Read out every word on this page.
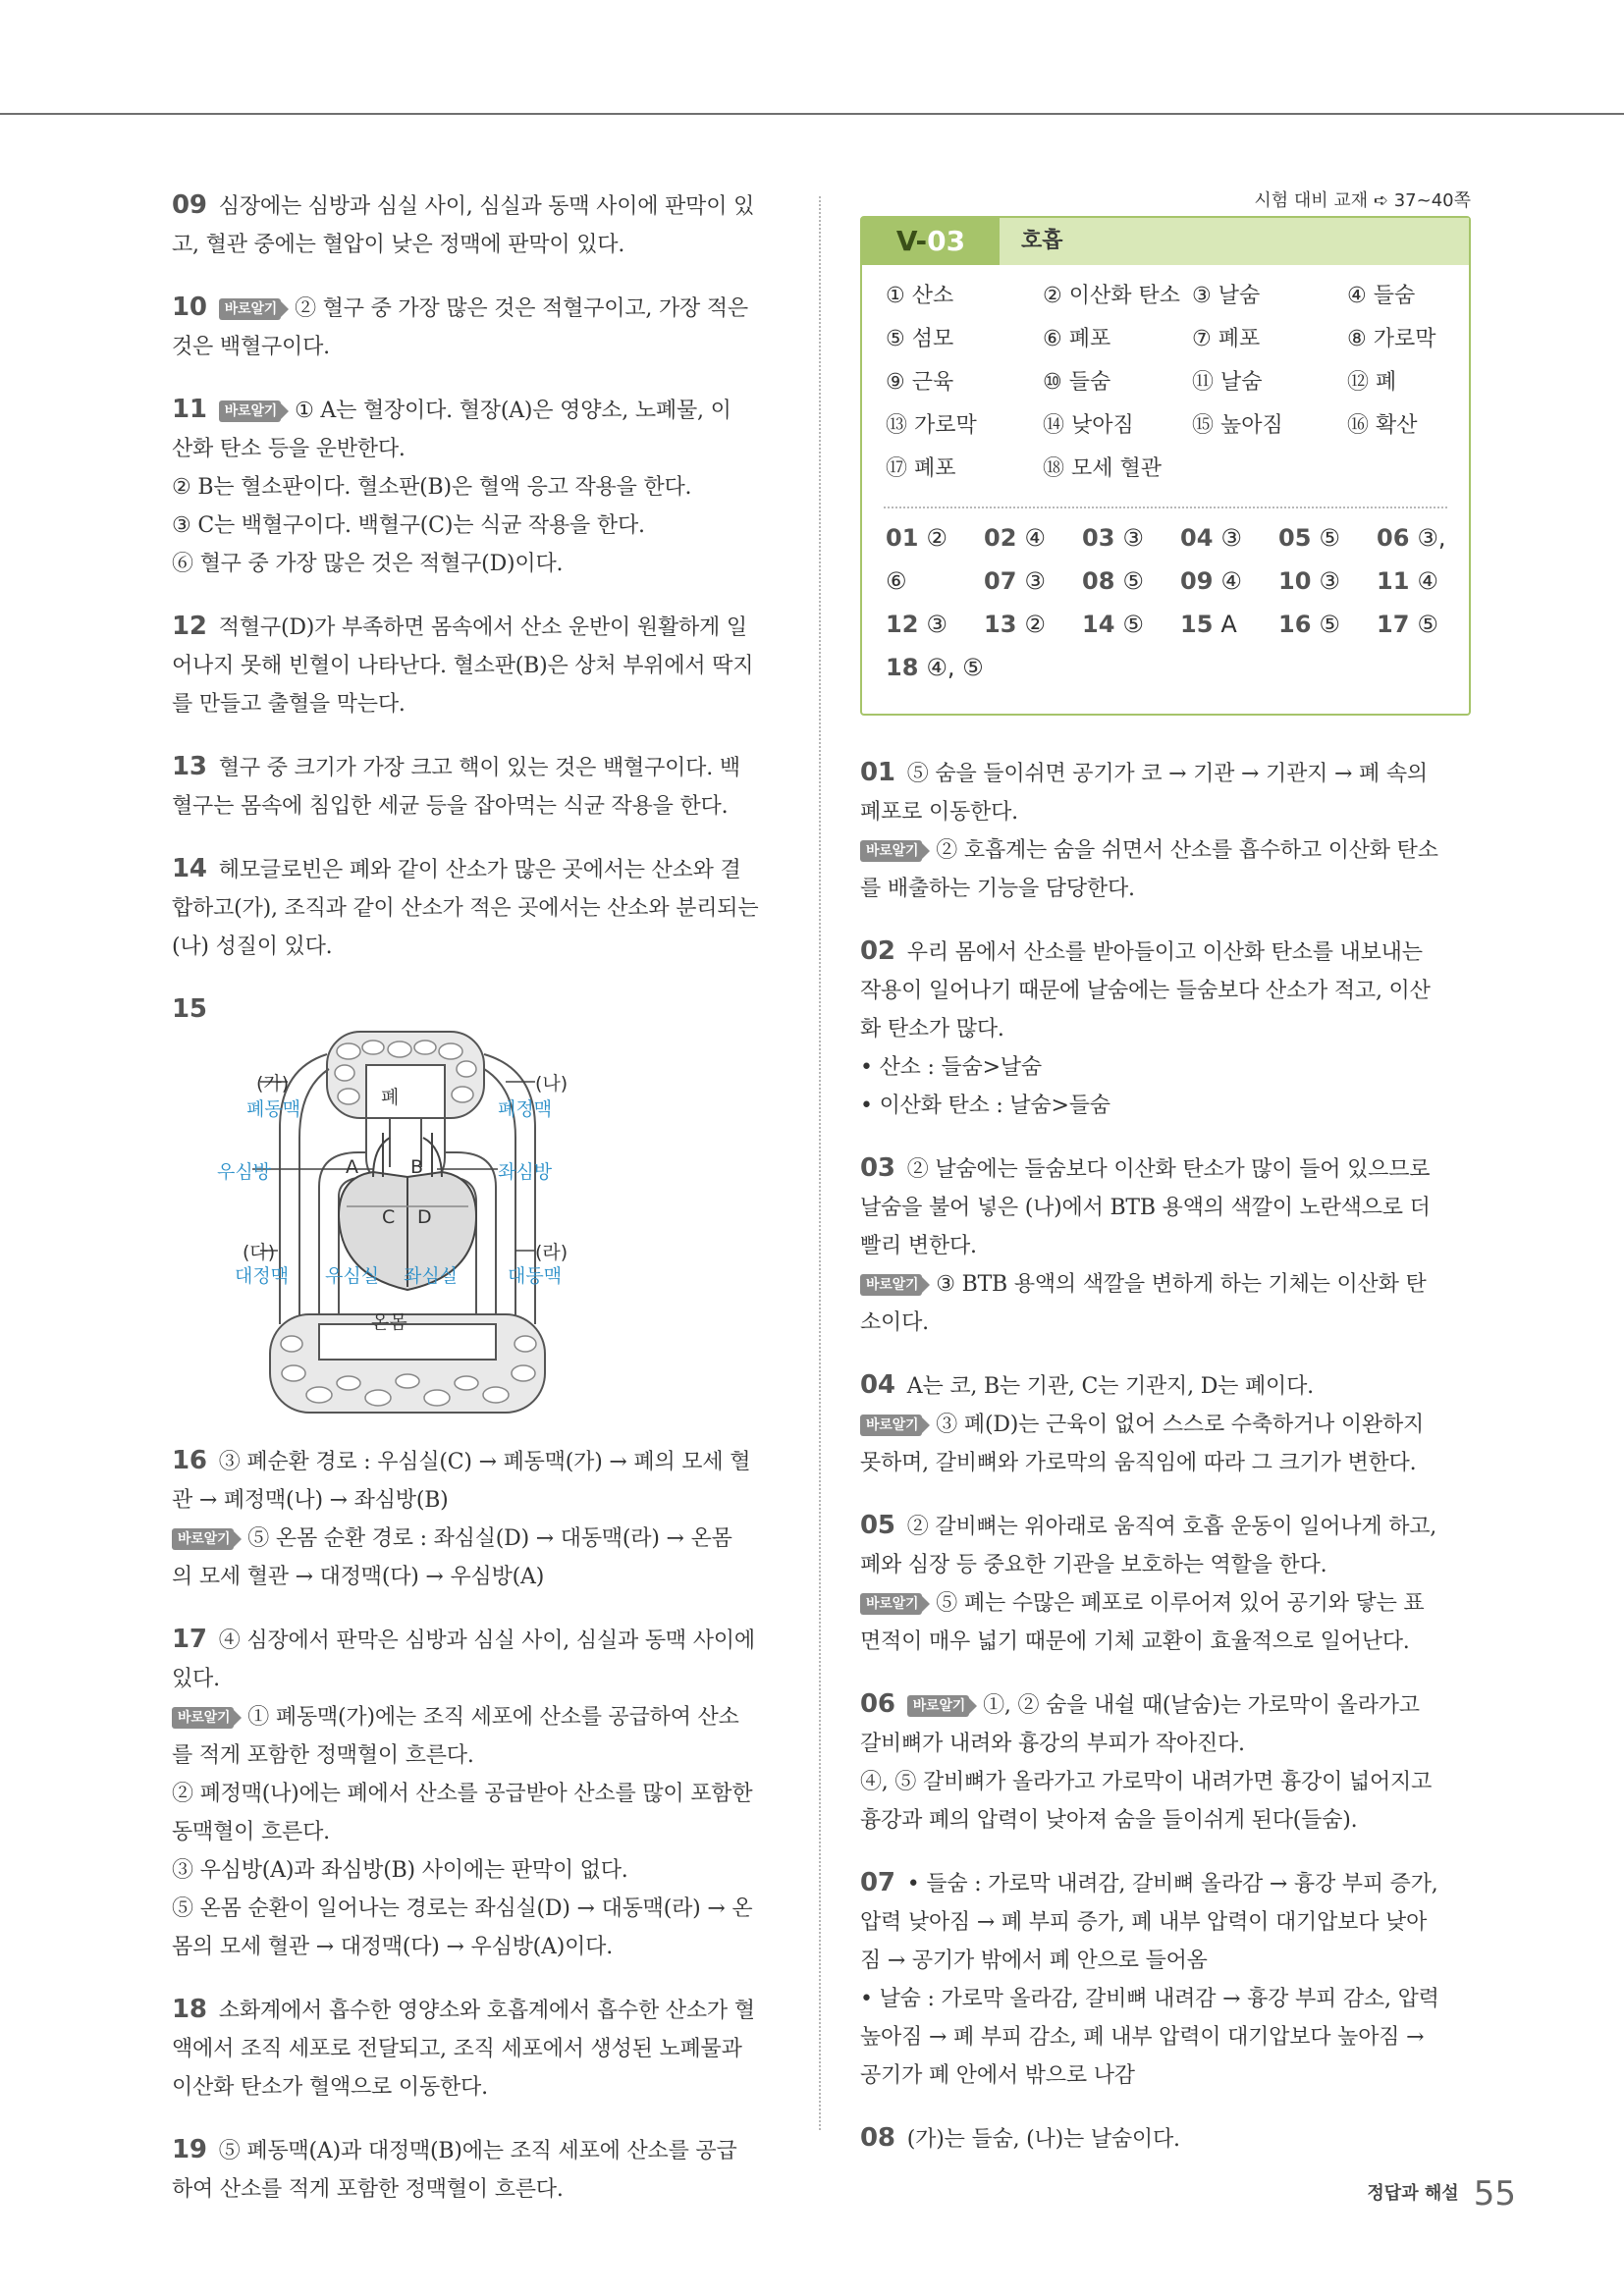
09 심장에는 심방과 심실 사이, 심실과 동맥 사이에 판막이 있
고, 혈관 중에는 혈압이 낮은 정맥에 판막이 있다.

10 바로알기 ② 혈구 중 가장 많은 것은 적혈구이고, 가장 적은
것은 백혈구이다.

11 바로알기 ① A는 혈장이다. 혈장(A)은 영양소, 노폐물, 이
산화 탄소 등을 운반한다.
② B는 혈소판이다. 혈소판(B)은 혈액 응고 작용을 한다.
③ C는 백혈구이다. 백혈구(C)는 식균 작용을 한다.
⑥ 혈구 중 가장 많은 것은 적혈구(D)이다.

12 적혈구(D)가 부족하면 몸속에서 산소 운반이 원활하게 일
어나지 못해 빈혈이 나타난다. 혈소판(B)은 상처 부위에서 딱지
를 만들고 출혈을 막는다.

13 혈구 중 크기가 가장 크고 핵이 있는 것은 백혈구이다. 백
혈구는 몸속에 침입한 세균 등을 잡아먹는 식균 작용을 한다.

14 헤모글로빈은 폐와 같이 산소가 많은 곳에서는 산소와 결
합하고(가), 조직과 같이 산소가 적은 곳에서는 산소와 분리되는
(나) 성질이 있다.

15
(가)
폐동맥
(나)
폐정맥
폐
우심방	좌심방
A	B
C D
(다)
대정맥
(라)
대동맥
우심실 좌심실
온몸

16 ③ 폐순환 경로 : 우심실(C) → 폐동맥(가) → 폐의 모세 혈
관 → 폐정맥(나) → 좌심방(B)
바로알기 ⑤ 온몸 순환 경로 : 좌심실(D) → 대동맥(라) → 온몸
의 모세 혈관 → 대정맥(다) → 우심방(A)

17 ④ 심장에서 판막은 심방과 심실 사이, 심실과 동맥 사이에
있다.
바로알기 ① 폐동맥(가)에는 조직 세포에 산소를 공급하여 산소
를 적게 포함한 정맥혈이 흐른다.
② 폐정맥(나)에는 폐에서 산소를 공급받아 산소를 많이 포함한
동맥혈이 흐른다.
③ 우심방(A)과 좌심방(B) 사이에는 판막이 없다.
⑤ 온몸 순환이 일어나는 경로는 좌심실(D) → 대동맥(라) → 온
몸의 모세 혈관 → 대정맥(다) → 우심방(A)이다.

18 소화계에서 흡수한 영양소와 호흡계에서 흡수한 산소가 혈
액에서 조직 세포로 전달되고, 조직 세포에서 생성된 노폐물과
이산화 탄소가 혈액으로 이동한다.

19 ⑤ 폐동맥(A)과 대정맥(B)에는 조직 세포에 산소를 공급
하여 산소를 적게 포함한 정맥혈이 흐른다.

시험 대비 교재 ➪ 37~40쪽
V-03	호흡
① 산소	② 이산화 탄소 ③ 날숨	④ 들숨
⑤ 섬모	⑥ 폐포	⑦ 폐포	⑧ 가로막
⑨ 근육	⑩ 들숨	⑪ 날숨	⑫ 폐
⑬ 가로막	⑭ 낮아짐	⑮ 높아짐	⑯ 확산
⑰ 폐포	⑱ 모세 혈관
01 ② 02 ④ 03 ③ 04 ③ 05 ⑤ 06 ③,
⑥	07 ③ 08 ⑤ 09 ④ 10 ③ 11 ④
12 ③ 13 ② 14 ⑤ 15 A 16 ⑤ 17 ⑤
18 ④, ⑤

01 ⑤ 숨을 들이쉬면 공기가 코 → 기관 → 기관지 → 폐 속의
폐포로 이동한다.
바로알기 ② 호흡계는 숨을 쉬면서 산소를 흡수하고 이산화 탄소
를 배출하는 기능을 담당한다.

02 우리 몸에서 산소를 받아들이고 이산화 탄소를 내보내는
작용이 일어나기 때문에 날숨에는 들숨보다 산소가 적고, 이산
화 탄소가 많다.
• 산소 : 들숨>날숨
• 이산화 탄소 : 날숨>들숨

03 ② 날숨에는 들숨보다 이산화 탄소가 많이 들어 있으므로
날숨을 불어 넣은 (나)에서 BTB 용액의 색깔이 노란색으로 더
빨리 변한다.
바로알기 ③ BTB 용액의 색깔을 변하게 하는 기체는 이산화 탄
소이다.

04 A는 코, B는 기관, C는 기관지, D는 폐이다.
바로알기 ③ 폐(D)는 근육이 없어 스스로 수축하거나 이완하지
못하며, 갈비뼈와 가로막의 움직임에 따라 그 크기가 변한다.

05 ② 갈비뼈는 위아래로 움직여 호흡 운동이 일어나게 하고,
폐와 심장 등 중요한 기관을 보호하는 역할을 한다.
바로알기 ⑤ 폐는 수많은 폐포로 이루어져 있어 공기와 닿는 표
면적이 매우 넓기 때문에 기체 교환이 효율적으로 일어난다.

06 바로알기 ①, ② 숨을 내쉴 때(날숨)는 가로막이 올라가고
갈비뼈가 내려와 흉강의 부피가 작아진다.
④, ⑤ 갈비뼈가 올라가고 가로막이 내려가면 흉강이 넓어지고
흉강과 폐의 압력이 낮아져 숨을 들이쉬게 된다(들숨).

07 • 들숨 : 가로막 내려감, 갈비뼈 올라감 → 흉강 부피 증가,
압력 낮아짐 → 폐 부피 증가, 폐 내부 압력이 대기압보다 낮아
짐 → 공기가 밖에서 폐 안으로 들어옴
• 날숨 : 가로막 올라감, 갈비뼈 내려감 → 흉강 부피 감소, 압력
높아짐 → 폐 부피 감소, 폐 내부 압력이 대기압보다 높아짐 →
공기가 폐 안에서 밖으로 나감

08 (가)는 들숨, (나)는 날숨이다.

정답과 해설 55
